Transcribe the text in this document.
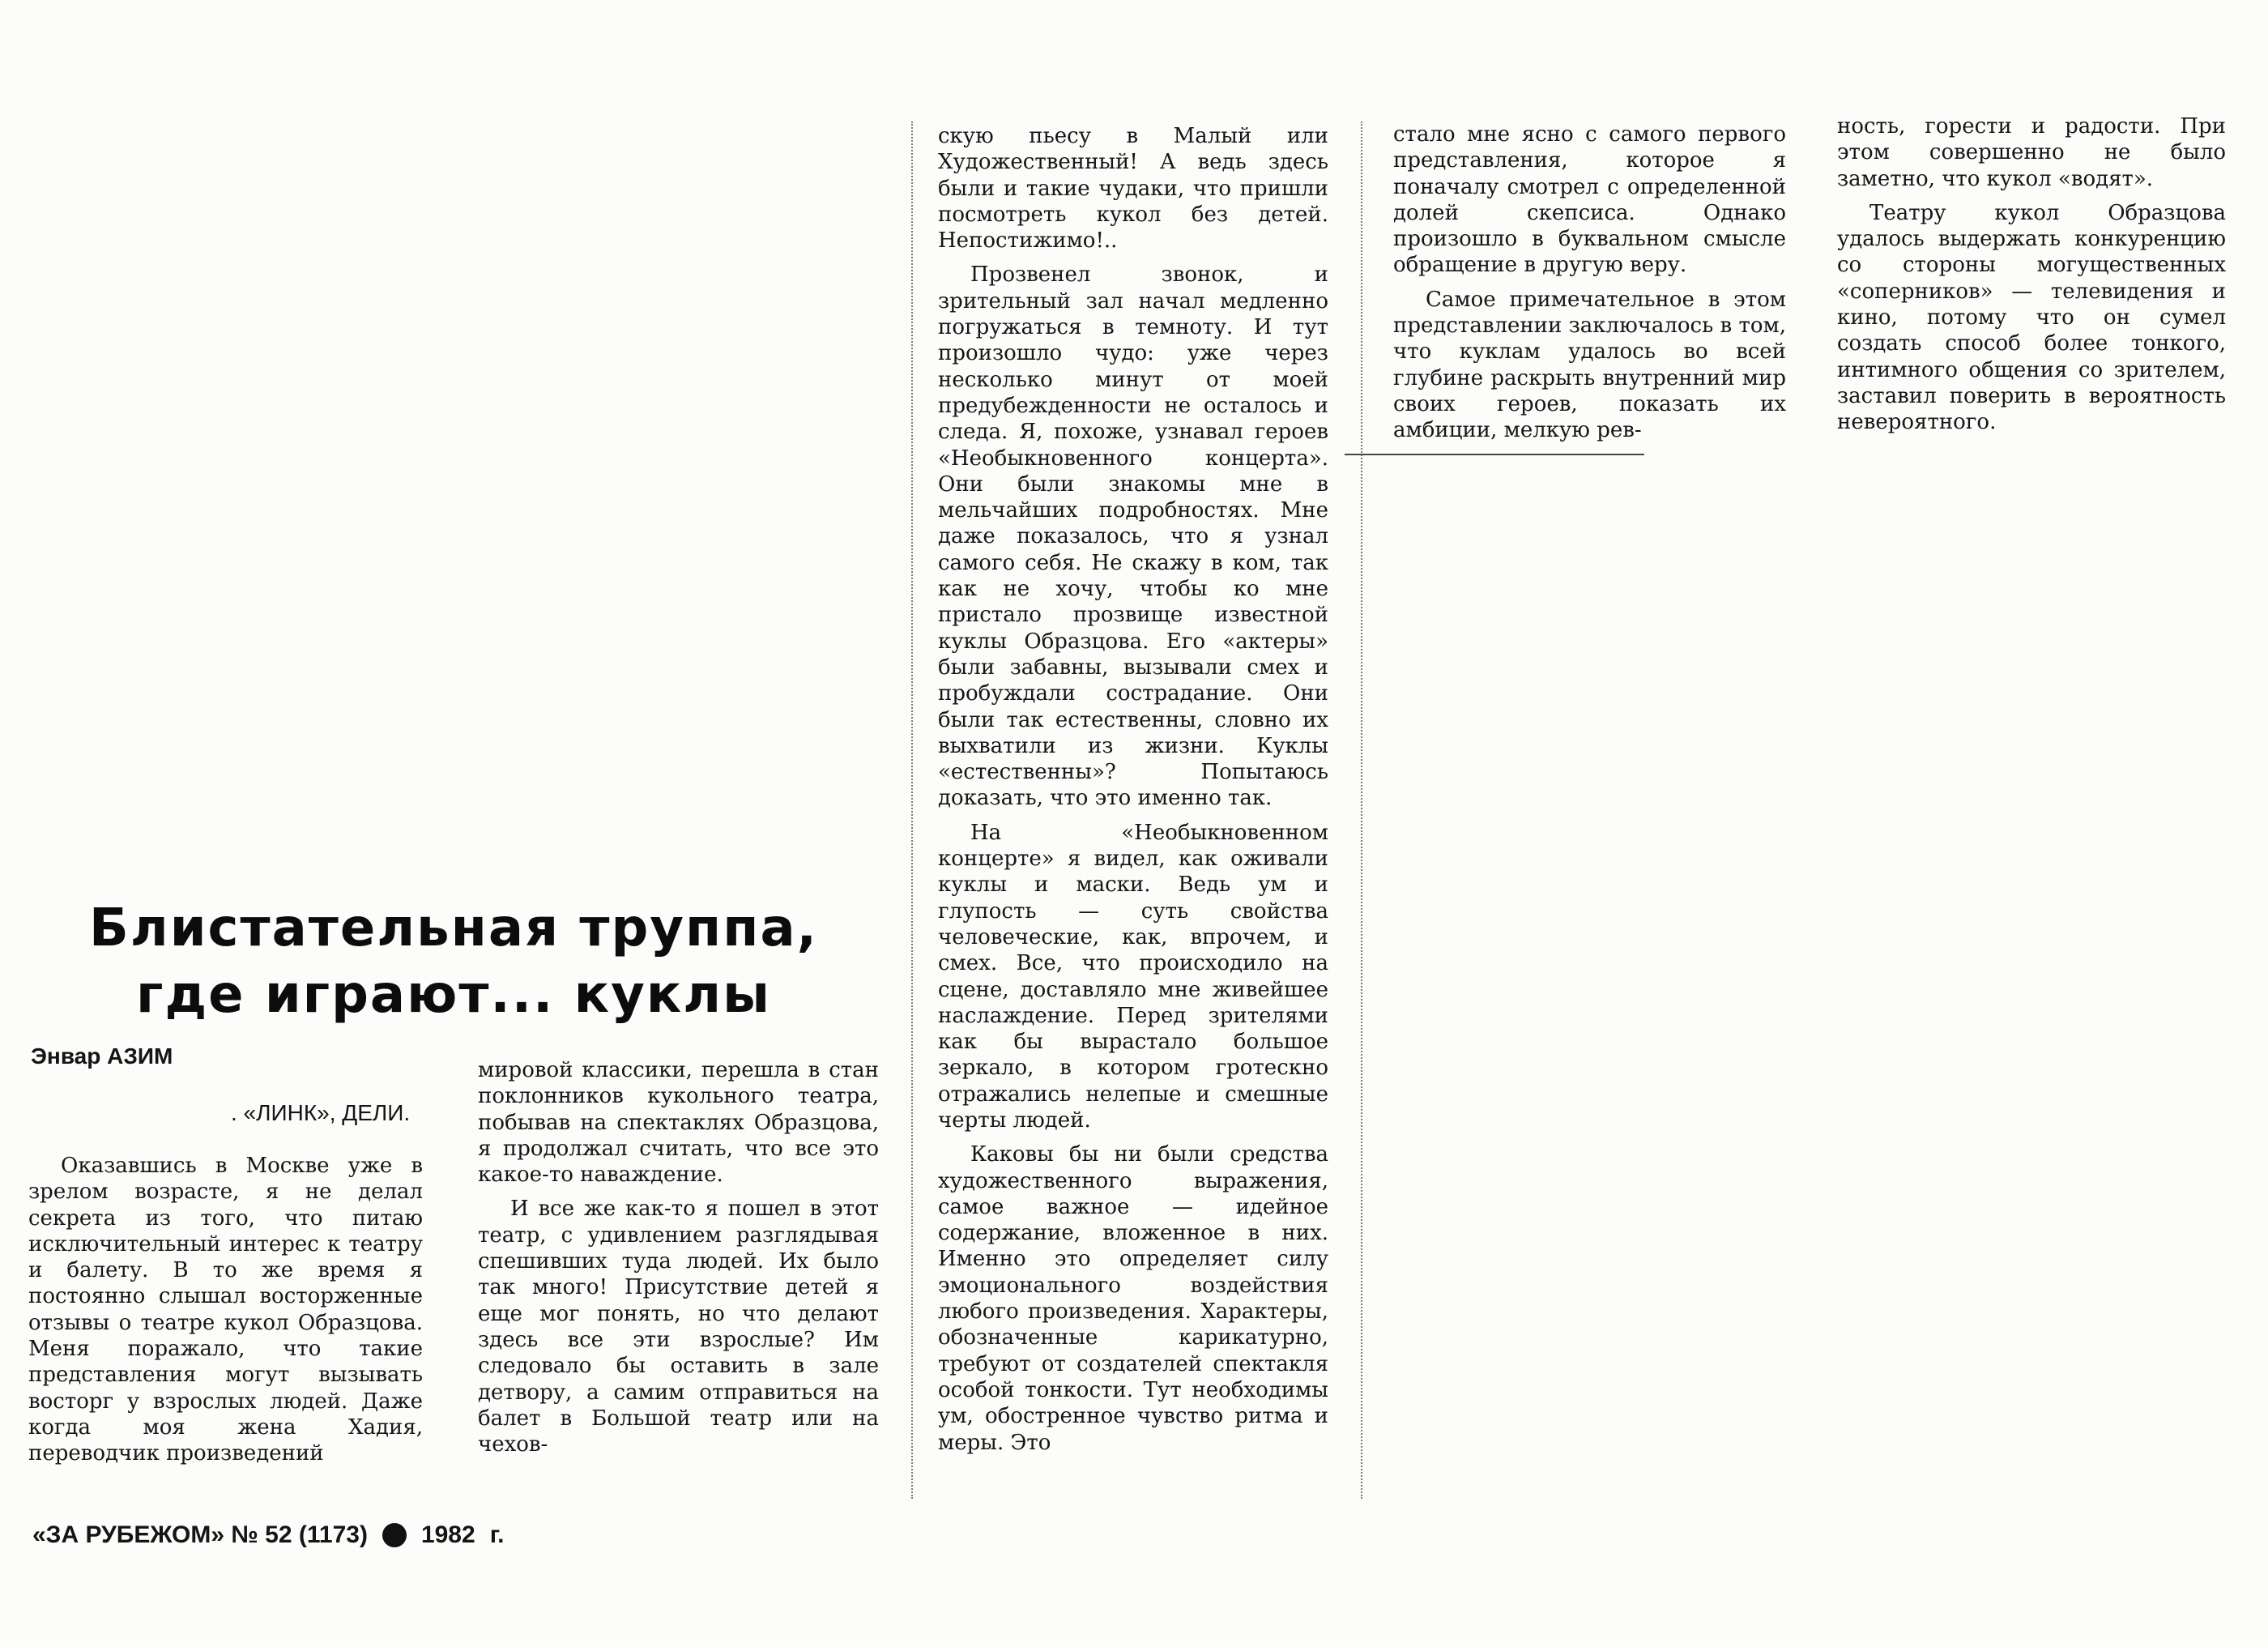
Блистательная труппа,
где играют... куклы
Энвар АЗИМ
. «ЛИНК», ДЕЛИ.

Оказавшись в Москве уже в зрелом возрасте, я не делал секрета из того, что питаю исключительный интерес к театру и балету. В то же время я постоянно слышал восторженные отзывы о театре кукол Образцова. Меня поражало, что такие представления могут вызывать восторг у взрослых людей. Даже когда моя жена Хадия, переводчик произведений

мировой классики, перешла в стан поклонников кукольного театра, побывав на спектаклях Образцова, я продолжал считать, что все это какое-то наваждение.

И все же как-то я пошел в этот театр, с удивлением разглядывая спешивших туда людей. Их было так много! Присутствие детей я еще мог понять, но что делают здесь все эти взрослые? Им следовало бы оставить в зале детвору, а самим отправиться на балет в Большой театр или на чехов-

скую пьесу в Малый или Художественный! А ведь здесь были и такие чудаки, что пришли посмотреть кукол без детей. Непостижимо!..

Прозвенел звонок, и зрительный зал начал медленно погружаться в темноту. И тут произошло чудо: уже через несколько минут от моей предубежденности не осталось и следа. Я, похоже, узнавал героев «Необыкновенного концерта». Они были знакомы мне в мельчайших подробностях. Мне даже показалось, что я узнал самого себя. Не скажу в ком, так как не хочу, чтобы ко мне пристало прозвище известной куклы Образцова. Его «актеры» были забавны, вызывали смех и пробуждали сострадание. Они были так естественны, словно их выхватили из жизни. Куклы «естественны»? Попытаюсь доказать, что это именно так.

На «Необыкновенном концерте» я видел, как оживали куклы и маски. Ведь ум и глупость — суть свойства человеческие, как, впрочем, и смех. Все, что происходило на сцене, доставляло мне живейшее наслаждение. Перед зрителями как бы вырастало большое зеркало, в котором гротескно отражались нелепые и смешные черты людей.

Каковы бы ни были средства художественного выражения, самое важное — идейное содержание, вложенное в них. Именно это определяет силу эмоционального воздействия любого произведения. Характеры, обозначенные карикатурно, требуют от создателей спектакля особой тонкости. Тут необходимы ум, обостренное чувство ритма и меры. Это

стало мне ясно с самого первого представления, которое я поначалу смотрел с определенной долей скепсиса. Однако произошло в буквальном смысле обращение в другую веру.

Самое примечательное в этом представлении заключалось в том, что куклам удалось во всей глубине раскрыть внутренний мир своих героев, показать их амбиции, мелкую рев-

ность, горести и радости. При этом совершенно не было заметно, что кукол «водят».

Театру кукол Образцова удалось выдержать конкуренцию со стороны могущественных «соперников» — телевидения и кино, потому что он сумел создать способ более тонкого, интимного общения со зрителем, заставил поверить в вероятность невероятного.

«ЗА РУБЕЖОМ» № 52 (1173) 1982 г.
